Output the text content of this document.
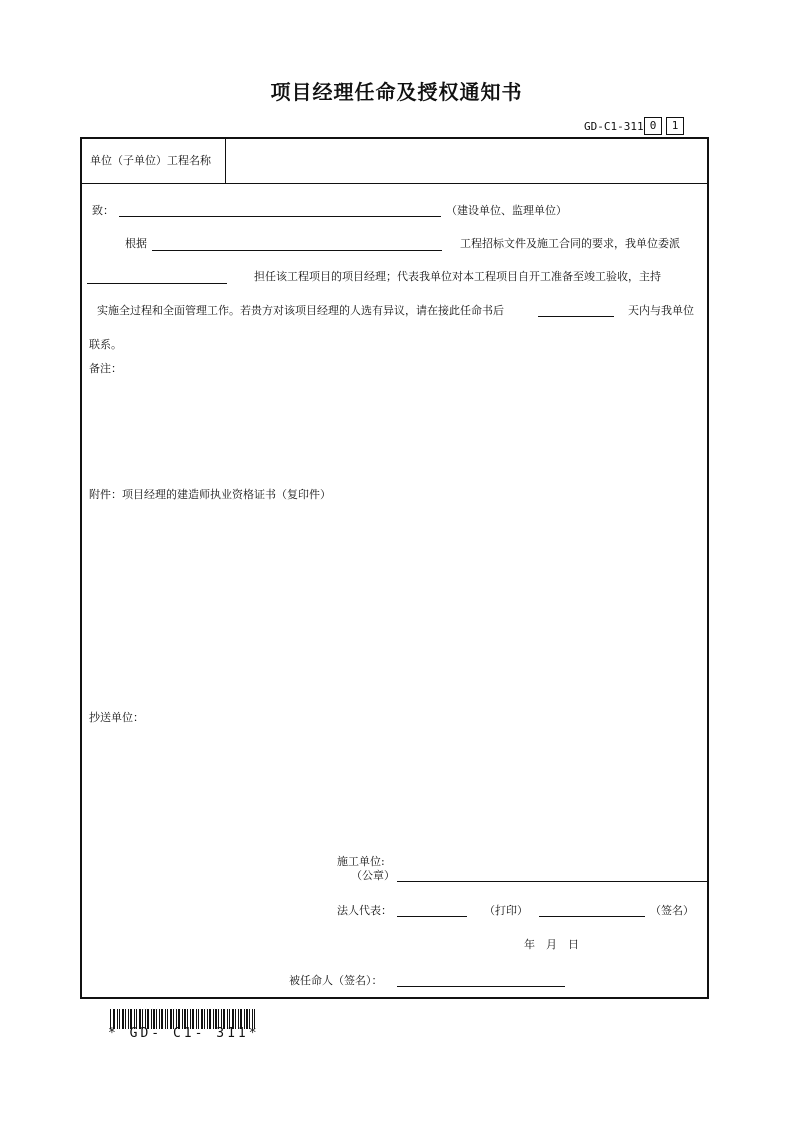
项目经理任命及授权通知书
GD-C1-311 0	1
单位（子单位）工程名称
致：	（建设单位、监理单位）
根据	工程招标文件及施工合同的要求，我单位委派
担任该工程项目的项目经理；代表我单位对本工程项目自开工准备至竣工验收，主持
实施全过程和全面管理工作。若贵方对该项目经理的人选有异议，请在接此任命书后	天内与我单位
联系。
备注：
附件：项目经理的建造师执业资格证书（复印件）
抄送单位：
施工单位:
（公章）
法人代表：	（打印）	（签名）
年　月　日
被任命人（签名）：
* GD- C1- 311*
